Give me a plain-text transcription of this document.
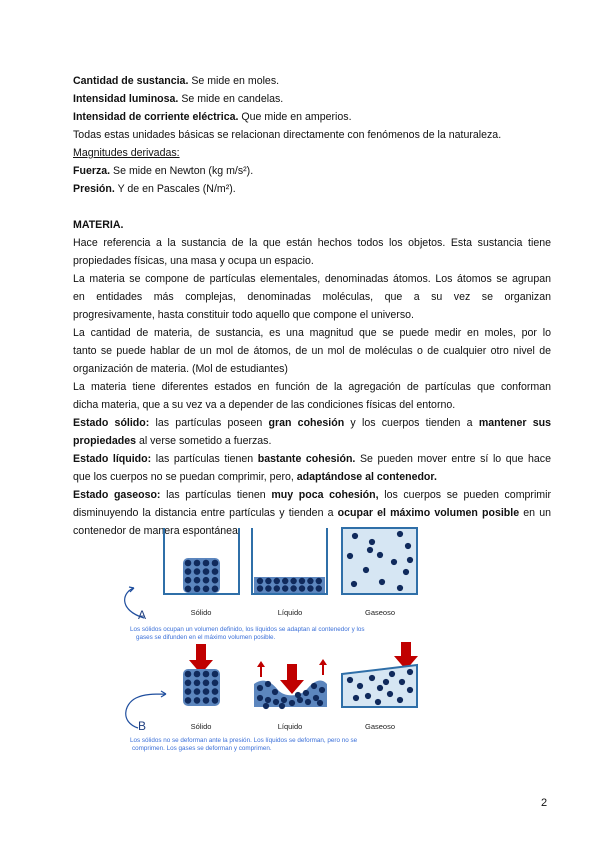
Cantidad de sustancia. Se mide en moles.

Intensidad luminosa. Se mide en candelas.

Intensidad de corriente eléctrica. Que mide en amperios.

Todas estas unidades básicas se relacionan directamente con fenómenos de la naturaleza.

Magnitudes derivadas:

Fuerza. Se mide en Newton (kg m/s²).

Presión. Y de en Pascales (N/m²).

MATERIA.

Hace referencia a la sustancia de la que están hechos todos los objetos. Esta sustancia tiene

propiedades físicas, una masa y ocupa un espacio.

La materia se compone de partículas elementales, denominadas átomos. Los átomos se agrupan

en entidades más complejas, denominadas moléculas, que a su vez se organizan

progresivamente, hasta constituir todo aquello que compone el universo.

La cantidad de materia, de sustancia, es una magnitud que se puede medir en moles, por lo

tanto se puede hablar de un mol de átomos, de un mol de moléculas o de cualquier otro nivel de

organización de materia. (Mol de estudiantes)

La materia tiene diferentes estados en función de la agregación de partículas que conforman

dicha materia, que a su vez va a depender de las condiciones físicas del entorno.

Estado sólido: las partículas poseen gran cohesión y los cuerpos tienden a mantener sus

propiedades al verse sometido a fuerzas.

Estado líquido: las partículas tienen bastante cohesión. Se pueden mover entre sí lo que hace

que los cuerpos no se puedan comprimir, pero, adaptándose al contenedor.

Estado gaseoso: las partículas tienen muy poca cohesión, los cuerpos se pueden comprimir

disminuyendo la distancia entre partículas y tienden a ocupar el máximo volumen posible en un

contenedor de manera espontánea

Sólido	Líquido	Gaseoso
A
Los sólidos ocupan un volumen definido, los líquidos se adaptan al contenedor y los
gases se difunden en el máximo volumen posible.
Sólido	Líquido	Gaseoso
B
Los sólidos no se deforman ante la presión. Los líquidos se deforman, pero no se
comprimen. Los gases se deforman y comprimen.
2
